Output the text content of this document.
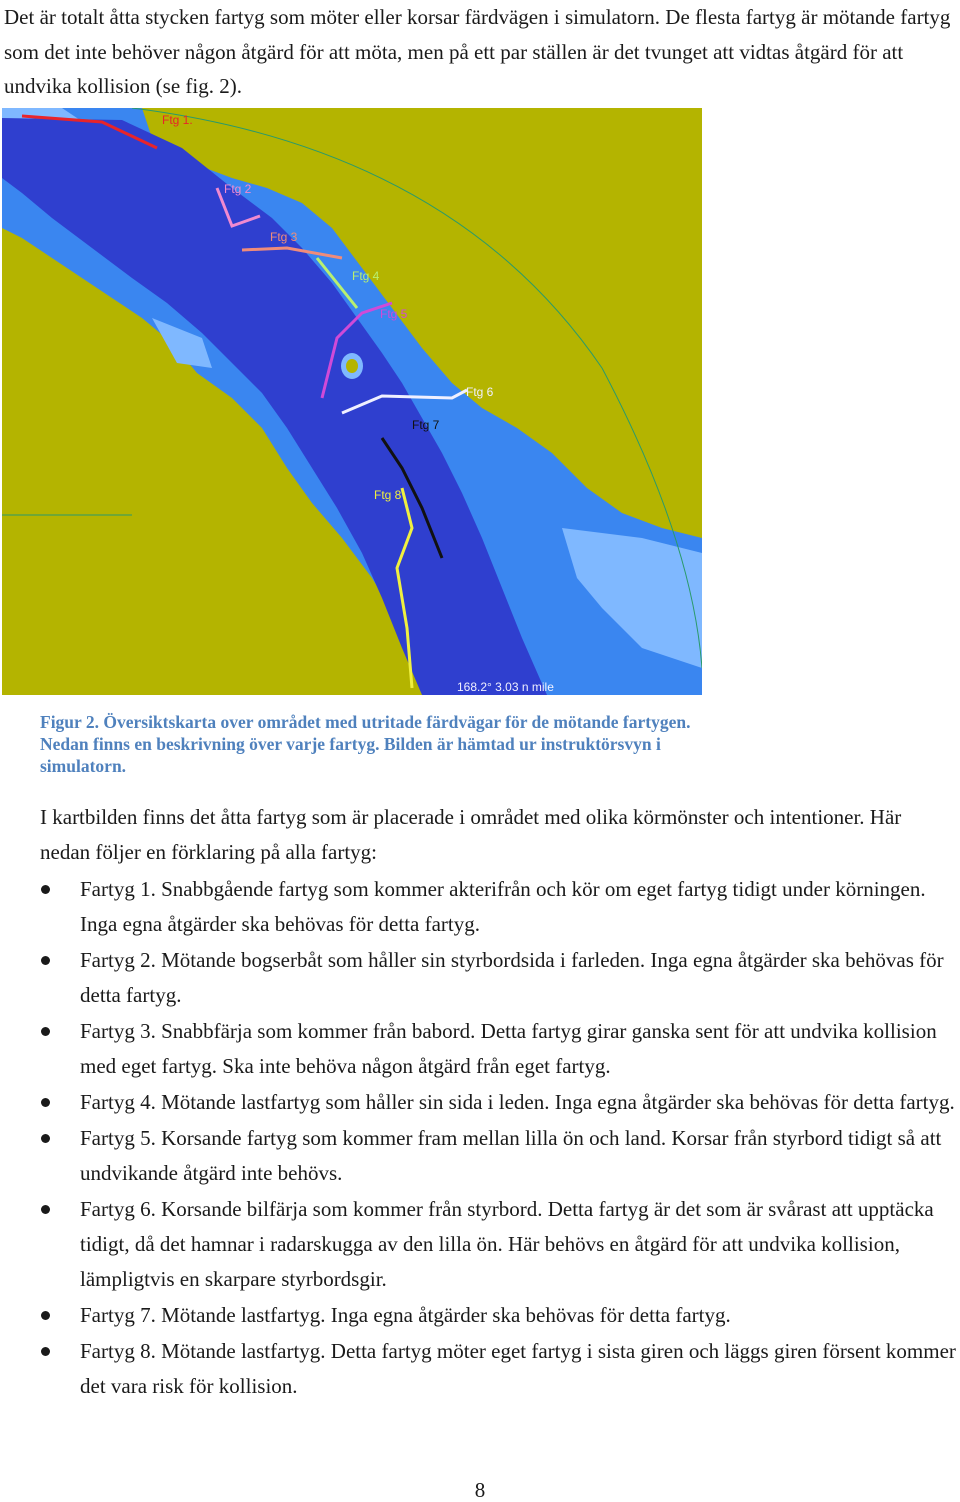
Det är totalt åtta stycken fartyg som möter eller korsar färdvägen i simulatorn. De flesta fartyg är mötande fartyg som det inte behöver någon åtgärd för att möta, men på ett par ställen är det tvunget att vidtas åtgärd för att undvika kollision (se fig. 2).

Ftg 1.
Ftg 2
Ftg 3
Ftg 4
Ftg 5
Ftg 6
Ftg 7
Ftg 8
168.2° 3.03 n mile

Figur 2. Översiktskarta over området med utritade färdvägar för de mötande fartygen. Nedan finns en beskrivning över varje fartyg. Bilden är hämtad ur instruktörsvyn i simulatorn.

I kartbilden finns det åtta fartyg som är placerade i området med olika körmönster och intentioner. Här nedan följer en förklaring på alla fartyg:

Fartyg 1. Snabbgående fartyg som kommer akterifrån och kör om eget fartyg tidigt under körningen. Inga egna åtgärder ska behövas för detta fartyg.
Fartyg 2. Mötande bogserbåt som håller sin styrbordsida i farleden. Inga egna åtgärder ska behövas för detta fartyg.
Fartyg 3. Snabbfärja som kommer från babord. Detta fartyg girar ganska sent för att undvika kollision med eget fartyg. Ska inte behöva någon åtgärd från eget fartyg.
Fartyg 4. Mötande lastfartyg som håller sin sida i leden. Inga egna åtgärder ska behövas för detta fartyg.
Fartyg 5. Korsande fartyg som kommer fram mellan lilla ön och land. Korsar från styrbord tidigt så att undvikande åtgärd inte behövs.
Fartyg 6. Korsande bilfärja som kommer från styrbord. Detta fartyg är det som är svårast att upptäcka tidigt, då det hamnar i radarskugga av den lilla ön. Här behövs en åtgärd för att undvika kollision, lämpligtvis en skarpare styrbordsgir.
Fartyg 7. Mötande lastfartyg. Inga egna åtgärder ska behövas för detta fartyg.
Fartyg 8. Mötande lastfartyg. Detta fartyg möter eget fartyg i sista giren och läggs giren försent kommer det vara risk för kollision.
8
